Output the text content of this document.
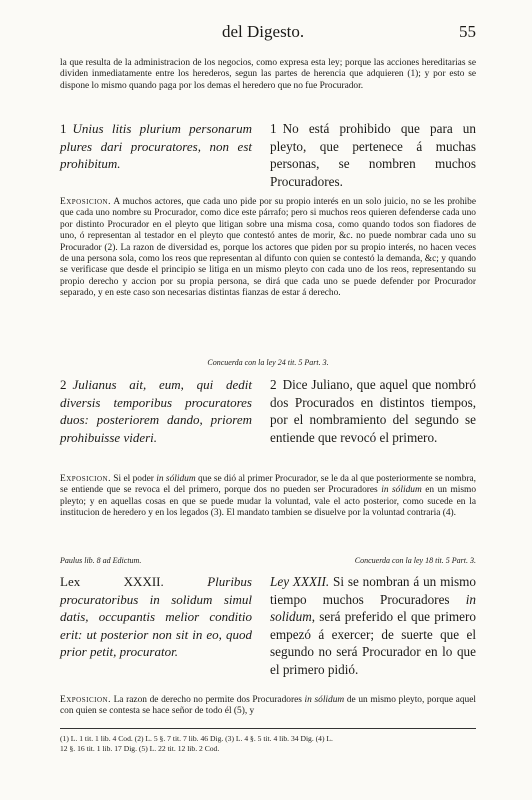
del Digesto.	55
la que resulta de la administracion de los negocios, como expresa esta ley; porque las acciones hereditarias se dividen inmediatamente entre los herederos, segun las partes de herencia que adquieren (1); y por esto se dispone lo mismo quando paga por los demas el heredero que no fue Procurador.
1 Unius litis plurium personarum plures dari procuratores, non est prohibitum.
1 No está prohibido que para un pleyto, que pertenece á muchas personas, se nombren muchos Procuradores.
Exposicion. A muchos actores, que cada uno pide por su propio interés en un solo juicio, no se les prohibe que cada uno nombre su Procurador, como dice este párrafo; pero si muchos reos quieren defenderse cada uno por distinto Procurador en el pleyto que litigan sobre una misma cosa, como quando todos son fiadores de uno, ó representan al testador en el pleyto que contestó antes de morir, &c. no puede nombrar cada uno su Procurador (2). La razon de diversidad es, porque los actores que piden por su propio interés, no hacen veces de una persona sola, como los reos que representan al difunto con quien se contestó la demanda, &c; y quando se verificase que desde el principio se litiga en un mismo pleyto con cada uno de los reos, representando su propio derecho y accion por su propia persona, se dirá que cada uno se puede defender por Procurador separado, y en este caso son necesarias distintas fianzas de estar á derecho.
Concuerda con la ley 24 tit. 5 Part. 3.
2 Julianus ait, eum, qui dedit diversis temporibus procuratores duos: posteriorem dando, priorem prohibuisse videri.
2 Dice Juliano, que aquel que nombró dos Procurados en distintos tiempos, por el nombramiento del segundo se entiende que revocó el primero.
Exposicion. Si el poder in sólidum que se dió al primer Procurador, se le da al que posteriormente se nombra, se entiende que se revoca el del primero, porque dos no pueden ser Procuradores in sólidum en un mismo pleyto; y en aquellas cosas en que se puede mudar la voluntad, vale el acto posterior, como sucede en la institucion de heredero y en los legados (3). El mandato tambien se disuelve por la voluntad contraria (4).
Paulus lib. 8 ad Edictum.	Concuerda con la ley 18 tit. 5 Part. 3.
Lex XXXII.	Pluribus procuratoribus in solidum simul datis, occupantis melior conditio erit: ut posterior non sit in eo, quod prior petit, procurator.
Ley XXXII. Si se nombran á un mismo tiempo muchos Procuradores in solidum, será preferido el que primero empezó á exercer; de suerte que el segundo no será Procurador en lo que el primero pidió.
Exposicion. La razon de derecho no permite dos Procuradores in sólidum de un mismo pleyto, porque aquel con quien se contesta se hace señor de todo él (5), y
(1) L. 1 tit. 1 lib. 4 Cod. (2) L. 5 §. 7 tit. 7 lib. 46 Dig. (3) L. 4 §. 5 tit. 4 lib. 34 Dig. (4) L.
12 §. 16 tit. 1 lib. 17 Dig. (5) L. 22 tit. 12 lib. 2 Cod.
